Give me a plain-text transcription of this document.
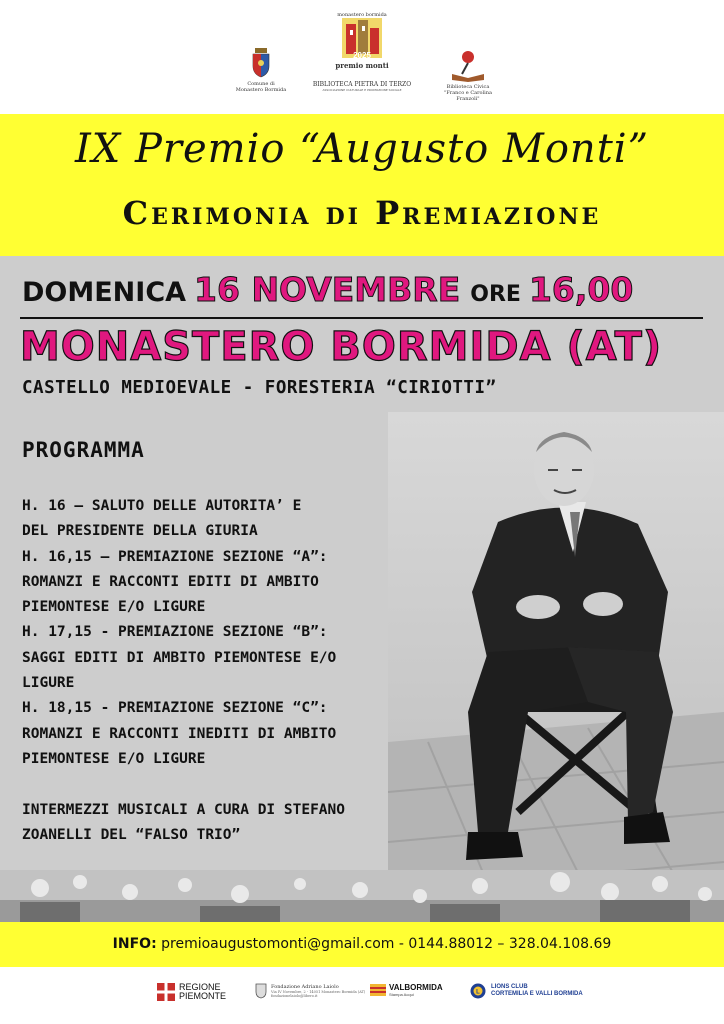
Comune di
Monastero Bormida
monastero bormida
2025
premio monti
BIBLIOTECA PIETRA DI TERZO
ASSOCIAZIONE CULTURALE E PROMOZIONE SOCIALE	Biblioteca Civica
"Franco e Carolina Franzoli"
IX Premio “Augusto Monti”
Cerimonia di Premiazione
DOMENICA 16 NOVEMBRE ORE 16,00
MONASTERO BORMIDA (AT)
CASTELLO MEDIOEVALE - FORESTERIA “CIRIOTTI”
PROGRAMMA
H. 16 – SALUTO DELLE AUTORITA’ E
DEL PRESIDENTE DELLA GIURIA
H. 16,15 – PREMIAZIONE SEZIONE “A”:
ROMANZI E RACCONTI EDITI DI AMBITO
PIEMONTESE E/O LIGURE
H. 17,15 - PREMIAZIONE SEZIONE “B”:
SAGGI EDITI DI AMBITO PIEMONTESE E/O
LIGURE
H. 18,15 - PREMIAZIONE SEZIONE “C”:
ROMANZI E RACCONTI INEDITI DI AMBITO
PIEMONTESE E/O LIGURE
INTERMEZZI MUSICALI A CURA DI STEFANO
ZOANELLI DEL “FALSO TRIO”
INFO: premioaugustomonti@gmail.com - 0144.88012 – 328.04.108.69
REGIONE
PIEMONTE
Fondazione Adriano Laiolo
Via IV Novembre, 2 - 14051 Monastero Bormida (AT)
fondazionelaiolo@libero.it
VALBORMIDA
Stampa Acqui	L
LIONS CLUB
CORTEMILIA E VALLI BORMIDA
